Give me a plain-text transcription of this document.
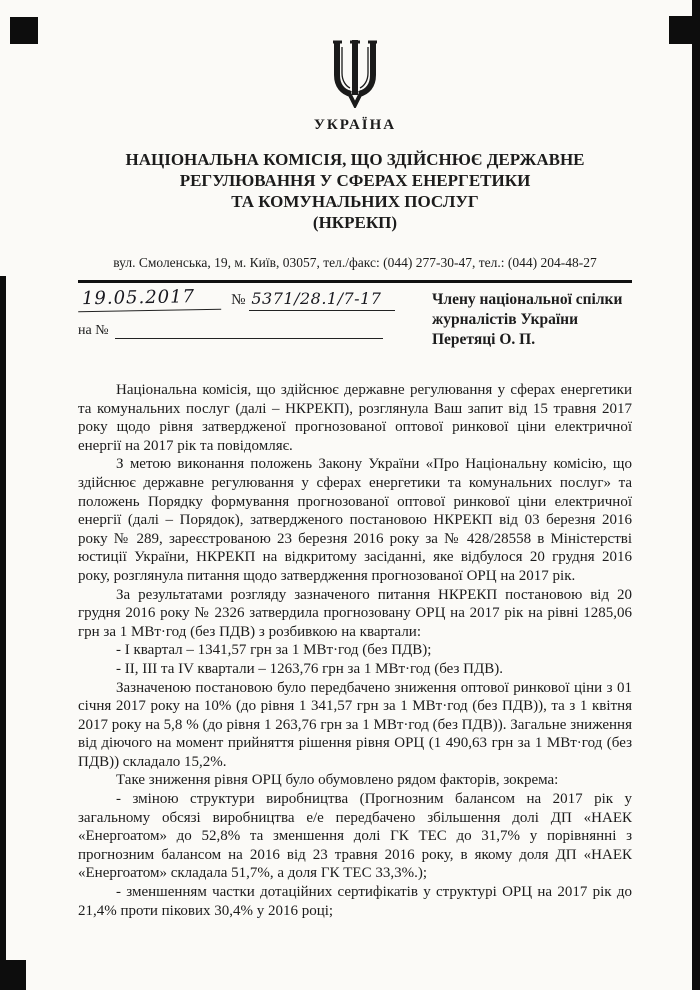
УКРАЇНА
НАЦІОНАЛЬНА КОМІСІЯ, ЩО ЗДІЙСНЮЄ ДЕРЖАВНЕ
РЕГУЛЮВАННЯ У СФЕРАХ ЕНЕРГЕТИКИ
ТА КОМУНАЛЬНИХ ПОСЛУГ
(НКРЕКП)
вул. Смоленська, 19, м. Київ, 03057, тел./факс: (044) 277-30-47, тел.: (044) 204-48-27
19.05.2017	№ 5371/28.1/7-17
на №
Члену національної спілки
журналістів України
Перетяці О. П.

Національна комісія, що здійснює державне регулювання у сферах енергетики та комунальних послуг (далі – НКРЕКП), розглянула Ваш запит від 15 травня 2017 року щодо рівня затвердженої прогнозованої оптової ринкової ціни електричної енергії на 2017 рік та повідомляє.

З метою виконання положень Закону України «Про Національну комісію, що здійснює державне регулювання у сферах енергетики та комунальних послуг» та положень Порядку формування прогнозованої оптової ринкової ціни електричної енергії (далі – Порядок), затвердженого постановою НКРЕКП від 03 березня 2016 року № 289, зареєстрованою 23 березня 2016 року за № 428/28558 в Міністерстві юстиції України, НКРЕКП на відкритому засіданні, яке відбулося 20 грудня 2016 року, розглянула питання щодо затвердження прогнозованої ОРЦ на 2017 рік.

За результатами розгляду зазначеного питання НКРЕКП постановою від 20 грудня 2016 року № 2326 затвердила прогнозовану ОРЦ на 2017 рік на рівні 1285,06 грн за 1 МВт·год (без ПДВ) з розбивкою на квартали:

- І квартал – 1341,57 грн за 1 МВт·год (без ПДВ);

- ІІ, ІІІ та ІV квартали – 1263,76 грн за 1 МВт·год (без ПДВ).

Зазначеною постановою було передбачено зниження оптової ринкової ціни з 01 січня 2017 року на 10% (до рівня 1 341,57 грн за 1 МВт·год (без ПДВ)), та з 1 квітня 2017 року на 5,8 % (до рівня 1 263,76 грн за 1 МВт·год (без ПДВ)). Загальне зниження від діючого на момент прийняття рішення рівня ОРЦ (1 490,63 грн за 1 МВт·год (без ПДВ)) складало 15,2%.

Таке зниження рівня ОРЦ було обумовлено рядом факторів, зокрема:

- зміною структури виробництва (Прогнозним балансом на 2017 рік у загальному обсязі виробництва е/е передбачено збільшення долі ДП «НАЕК «Енергоатом» до 52,8% та зменшення долі ГК ТЕС до 31,7% у порівнянні з прогнозним балансом на 2016 від 23 травня 2016 року, в якому доля ДП «НАЕК «Енергоатом» складала 51,7%, а доля ГК ТЕС 33,3%.);

- зменшенням частки дотаційних сертифікатів у структурі ОРЦ на 2017 рік до 21,4% проти пікових 30,4% у 2016 році;
